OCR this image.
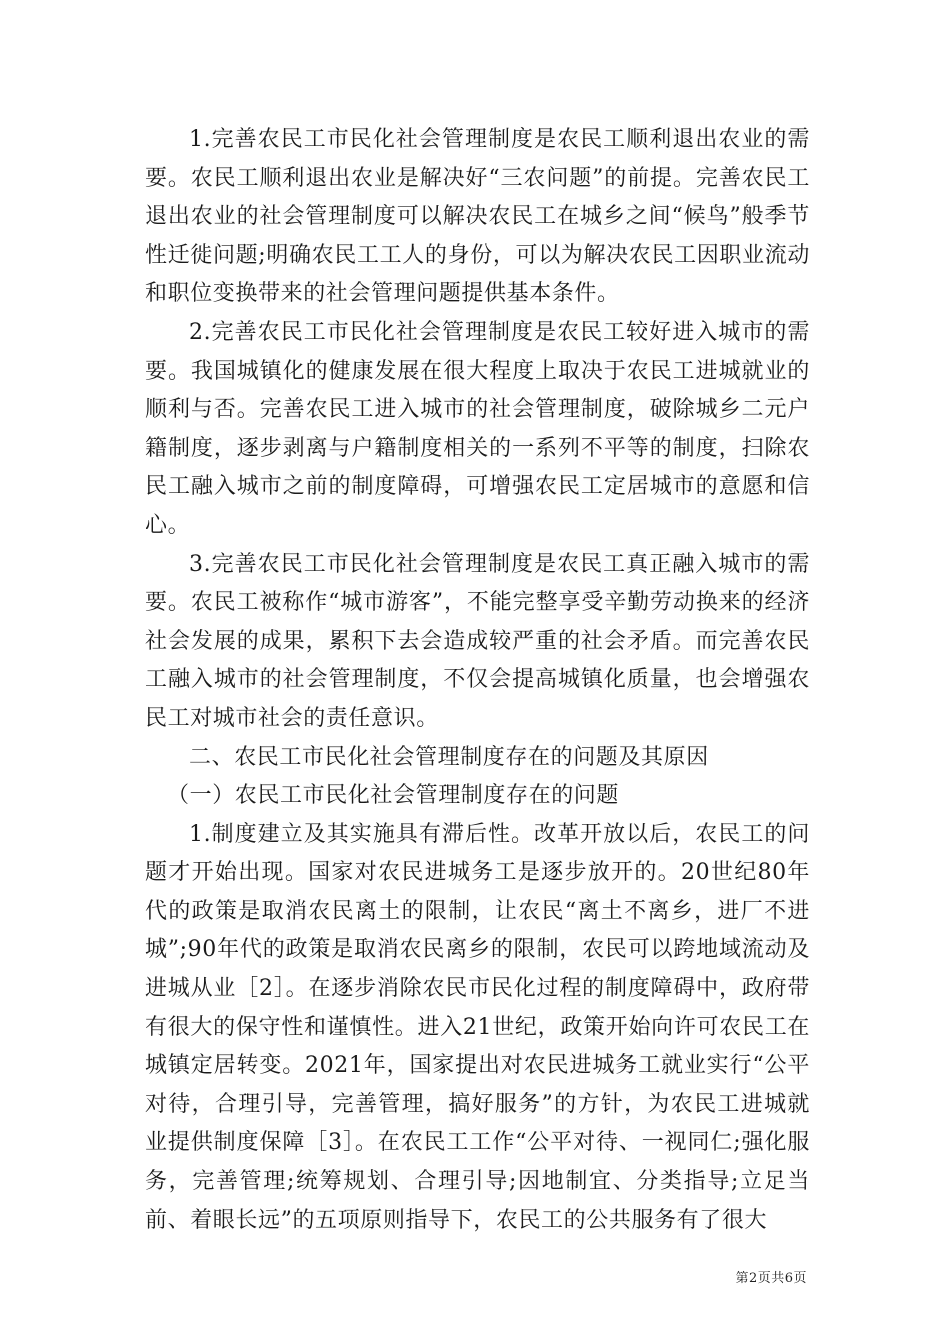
1.完善农民工市民化社会管理制度是农民工顺利退出农业的需要。农民工顺利退出农业是解决好“三农问题”的前提。完善农民工退出农业的社会管理制度可以解决农民工在城乡之间“候鸟”般季节性迁徙问题;明确农民工工人的身份，可以为解决农民工因职业流动和职位变换带来的社会管理问题提供基本条件。

2.完善农民工市民化社会管理制度是农民工较好进入城市的需要。我国城镇化的健康发展在很大程度上取决于农民工进城就业的顺利与否。完善农民工进入城市的社会管理制度，破除城乡二元户籍制度，逐步剥离与户籍制度相关的一系列不平等的制度，扫除农民工融入城市之前的制度障碍，可增强农民工定居城市的意愿和信心。

3.完善农民工市民化社会管理制度是农民工真正融入城市的需要。农民工被称作“城市游客”，不能完整享受辛勤劳动换来的经济社会发展的成果，累积下去会造成较严重的社会矛盾。而完善农民工融入城市的社会管理制度，不仅会提高城镇化质量，也会增强农民工对城市社会的责任意识。

二、农民工市民化社会管理制度存在的问题及其原因

（一）农民工市民化社会管理制度存在的问题

1.制度建立及其实施具有滞后性。改革开放以后，农民工的问题才开始出现。国家对农民进城务工是逐步放开的。20世纪80年代的政策是取消农民离土的限制，让农民“离土不离乡，进厂不进城”;90年代的政策是取消农民离乡的限制，农民可以跨地域流动及进城从业［2］。在逐步消除农民市民化过程的制度障碍中，政府带有很大的保守性和谨慎性。进入21世纪，政策开始向许可农民工在城镇定居转变。2021年，国家提出对农民进城务工就业实行“公平对待，合理引导，完善管理，搞好服务”的方针，为农民工进城就业提供制度保障［3］。在农民工工作“公平对待、一视同仁;强化服务，完善管理;统筹规划、合理引导;因地制宜、分类指导;立足当前、着眼长远”的五项原则指导下，农民工的公共服务有了很大

第2页共6页
